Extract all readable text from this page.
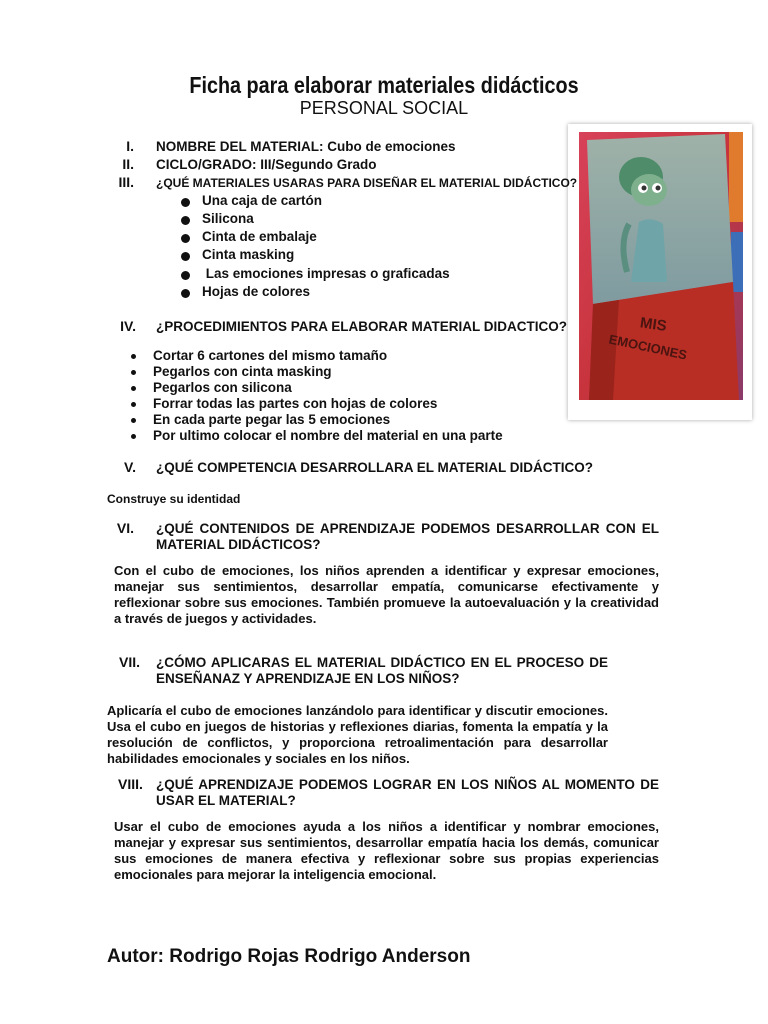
Ficha para elaborar materiales didácticos
PERSONAL SOCIAL
MIS
EMOCIONES
I. NOMBRE DEL MATERIAL: Cubo de emociones
II. CICLO/GRADO: III/Segundo Grado
III. ¿QUÉ MATERIALES USARAS PARA DISEÑAR EL MATERIAL DIDÁCTICO?
Una caja de cartón
Silicona
Cinta de embalaje
Cinta masking
Las emociones impresas o graficadas
Hojas de colores
IV. ¿PROCEDIMIENTOS PARA ELABORAR MATERIAL DIDACTICO?
Cortar 6 cartones del mismo tamaño
Pegarlos con cinta masking
Pegarlos con silicona
Forrar todas las partes con hojas de colores
En cada parte pegar las 5 emociones
Por ultimo colocar el nombre del material en una parte
V. ¿QUÉ COMPETENCIA DESARROLLARA EL MATERIAL DIDÁCTICO?
Construye su identidad
VI. ¿QUÉ CONTENIDOS DE APRENDIZAJE PODEMOS DESARROLLAR CON EL MATERIAL DIDÁCTICOS?
Con el cubo de emociones, los niños aprenden a identificar y expresar emociones, manejar sus sentimientos, desarrollar empatía, comunicarse efectivamente y reflexionar sobre sus emociones. También promueve la autoevaluación y la creatividad a través de juegos y actividades.
VII. ¿CÓMO APLICARAS EL MATERIAL DIDÁCTICO EN EL PROCESO DE ENSEÑANAZ Y APRENDIZAJE EN LOS NIÑOS?
Aplicaría el cubo de emociones lanzándolo para identificar y discutir emociones. Usa el cubo en juegos de historias y reflexiones diarias, fomenta la empatía y la resolución de conflictos, y proporciona retroalimentación para desarrollar habilidades emocionales y sociales en los niños.
VIII. ¿QUÉ APRENDIZAJE PODEMOS LOGRAR EN LOS NIÑOS AL MOMENTO DE USAR EL MATERIAL?
Usar el cubo de emociones ayuda a los niños a identificar y nombrar emociones, manejar y expresar sus sentimientos, desarrollar empatía hacia los demás, comunicar sus emociones de manera efectiva y reflexionar sobre sus propias experiencias emocionales para mejorar la inteligencia emocional.
Autor: Rodrigo Rojas Rodrigo Anderson
